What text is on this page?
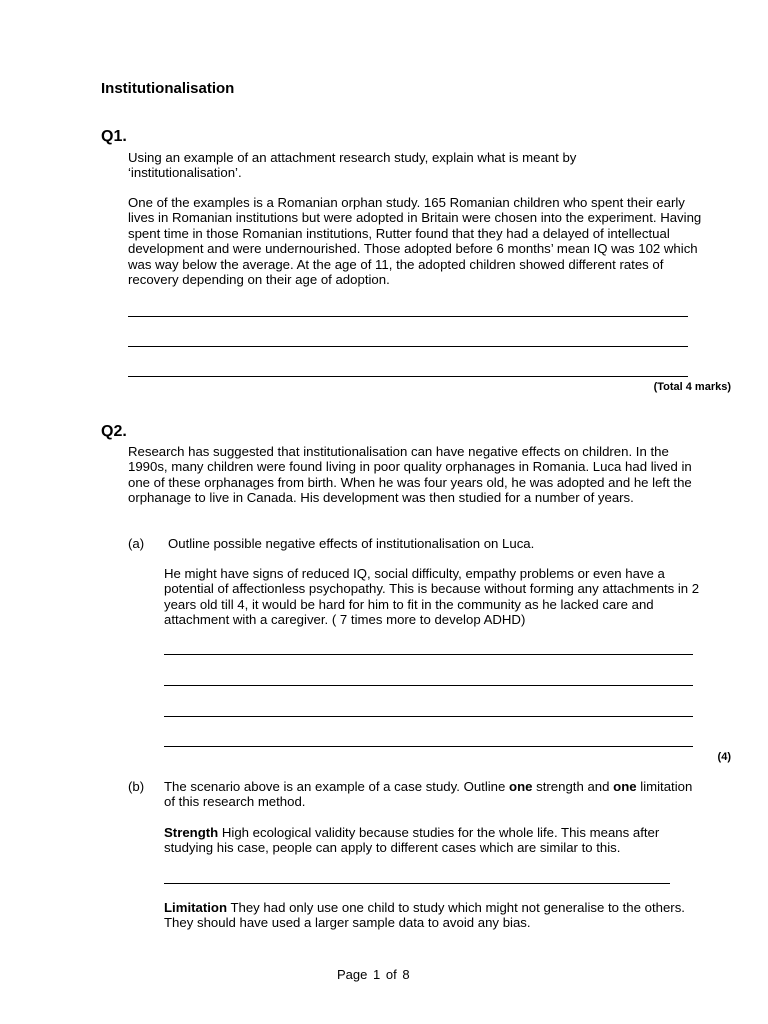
Institutionalisation
Q1.
Using an example of an attachment research study, explain what is meant by ‘institutionalisation’.
One of the examples is a Romanian orphan study. 165 Romanian children who spent their early lives in Romanian institutions but were adopted in Britain were chosen into the experiment. Having spent time in those Romanian institutions, Rutter found that they had a delayed of intellectual development and were undernourished. Those adopted before 6 months’ mean IQ was 102 which was way below the average. At the age of 11, the adopted children showed different rates of recovery depending on their age of adoption.
(Total 4 marks)
Q2.
Research has suggested that institutionalisation can have negative effects on children. In the 1990s, many children were found living in poor quality orphanages in Romania. Luca had lived in one of these orphanages from birth. When he was four years old, he was adopted and he left the orphanage to live in Canada. His development was then studied for a number of years.
(a) Outline possible negative effects of institutionalisation on Luca.
He might have signs of reduced IQ, social difficulty, empathy problems or even have a potential of affectionless psychopathy. This is because without forming any attachments in 2 years old till 4, it would be hard for him to fit in the community as he lacked care and attachment with a caregiver. ( 7 times more to develop ADHD)
(4)
(b) The scenario above is an example of a case study. Outline one strength and one limitation of this research method.
Strength High ecological validity because studies for the whole life. This means after studying his case, people can apply to different cases which are similar to this.
Limitation They had only use one child to study which might not generalise to the others. They should have used a larger sample data to avoid any bias.
Page 1 of 8
